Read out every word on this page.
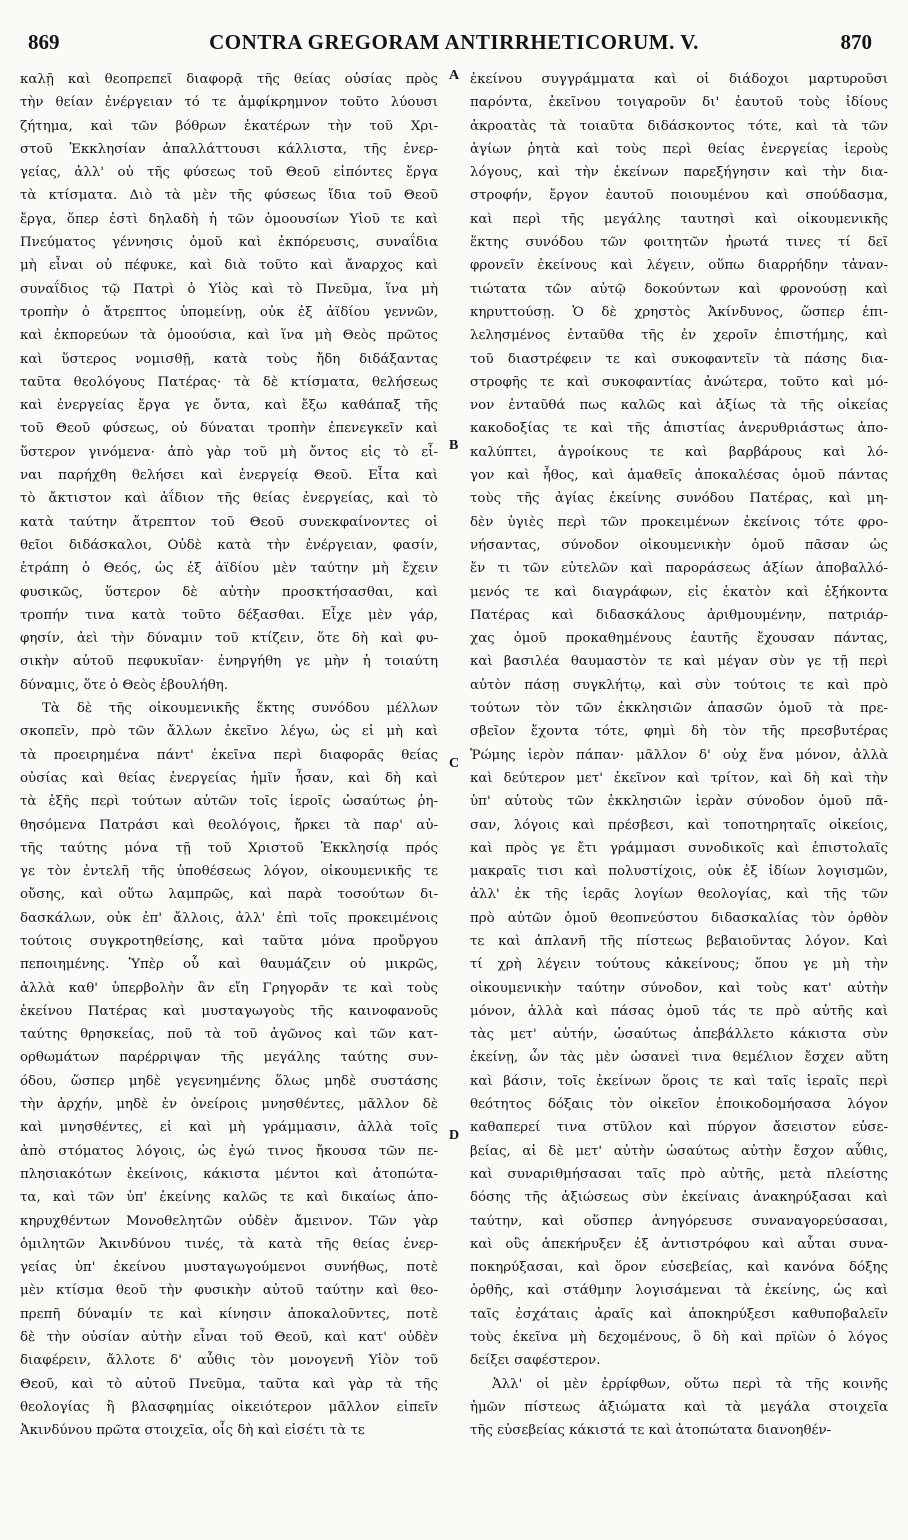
869	CONTRA GREGORAM ANTIRRHETICORUM. V.	870
καλῇ καὶ θεοπρεπεῖ διαφορᾷ τῆς θείας οὐσίας πρὸς
τὴν θείαν ἐνέργειαν τό τε ἀμφίκρημνον τοῦτο λύουσι
ζήτημα, καὶ τῶν βόθρων ἑκατέρων τὴν τοῦ Χρι-
στοῦ Ἐκκλησίαν ἀπαλλάττουσι κάλλιστα, τῆς ἐνερ-
γείας, ἀλλ' οὐ τῆς φύσεως τοῦ Θεοῦ εἰπόντες ἔργα
τὰ κτίσματα. Διὸ τὰ μὲν τῆς φύσεως ἴδια τοῦ Θεοῦ
ἔργα, ὅπερ ἐστὶ δηλαδὴ ἡ τῶν ὁμοουσίων Υἱοῦ τε καὶ
Πνεύματος γέννησις ὁμοῦ καὶ ἐκπόρευσις, συναΐδια
μὴ εἶναι οὐ πέφυκε, καὶ διὰ τοῦτο καὶ ἄναρχος καὶ
συναΐδιος τῷ Πατρὶ ὁ Υἱὸς καὶ τὸ Πνεῦμα, ἵνα μὴ
τροπὴν ὁ ἄτρεπτος ὑπομείνῃ, οὐκ ἐξ ἀϊδίου γεννῶν,
καὶ ἐκπορεύων τὰ ὁμοούσια, καὶ ἵνα μὴ Θεὸς πρῶτος
καὶ ὕστερος νομισθῇ, κατὰ τοὺς ἤδη διδάξαντας
ταῦτα θεολόγους Πατέρας· τὰ δὲ κτίσματα, θελήσεως
καὶ ἐνεργείας ἔργα γε ὄντα, καὶ ἔξω καθάπαξ τῆς
τοῦ Θεοῦ φύσεως, οὐ δύναται τροπὴν ἐπενεγκεῖν καὶ
ὕστερον γινόμενα· ἀπὸ γὰρ τοῦ μὴ ὄντος εἰς τὸ εἶ-
ναι παρήχθη θελήσει καὶ ἐνεργείᾳ Θεοῦ. Εἶτα καὶ
τὸ ἄκτιστον καὶ ἀΐδιον τῆς θείας ἐνεργείας, καὶ τὸ
κατὰ ταύτην ἄτρεπτον τοῦ Θεοῦ συνεκφαίνοντες οἱ
θεῖοι διδάσκαλοι, Οὐδὲ κατὰ τὴν ἐνέργειαν, φασίν,
ἐτράπη ὁ Θεός, ὡς ἐξ ἀϊδίου μὲν ταύτην μὴ ἔχειν
φυσικῶς, ὕστερον δὲ αὐτὴν προσκτήσασθαι, καὶ
τροπήν τινα κατὰ τοῦτο δέξασθαι. Εἶχε μὲν γάρ,
φησίν, ἀεὶ τὴν δύναμιν τοῦ κτίζειν, ὅτε δὴ καὶ φυ-
σικὴν αὐτοῦ πεφυκυῖαν· ἐνηργήθη γε μὴν ἡ τοιαύτη
δύναμις, ὅτε ὁ Θεὸς ἐβουλήθη.
Τὰ δὲ τῆς οἰκουμενικῆς ἕκτης συνόδου μέλλων
σκοπεῖν, πρὸ τῶν ἄλλων ἐκεῖνο λέγω, ὡς εἰ μὴ καὶ
τὰ προειρημένα πάντ' ἐκεῖνα περὶ διαφορᾶς θείας
οὐσίας καὶ θείας ἐνεργείας ἡμῖν ἦσαν, καὶ δὴ καὶ
τὰ ἑξῆς περὶ τούτων αὐτῶν τοῖς ἱεροῖς ὡσαύτως ῥη-
θησόμενα Πατράσι καὶ θεολόγοις, ἤρκει τὰ παρ' αὐ-
τῆς ταύτης μόνα τῇ τοῦ Χριστοῦ Ἐκκλησίᾳ πρός
γε τὸν ἐντελῆ τῆς ὑποθέσεως λόγον, οἰκουμενικῆς τε
οὔσης, καὶ οὕτω λαμπρῶς, καὶ παρὰ τοσούτων δι-
δασκάλων, οὐκ ἐπ' ἄλλοις, ἀλλ' ἐπὶ τοῖς προκειμένοις
τούτοις συγκροτηθείσης, καὶ ταῦτα μόνα προὔργου
πεποιημένης. Ὑπὲρ οὗ καὶ θαυμάζειν οὐ μικρῶς,
ἀλλὰ καθ' ὑπερβολὴν ἂν εἴη Γρηγορᾶν τε καὶ τοὺς
ἐκείνου Πατέρας καὶ μυσταγωγοὺς τῆς καινοφανοῦς
ταύτης θρησκείας, ποῦ τὰ τοῦ ἀγῶνος καὶ τῶν κατ-
ορθωμάτων παρέρριψαν τῆς μεγάλης ταύτης συν-
όδου, ὥσπερ μηδὲ γεγενημένης ὅλως μηδὲ συστάσης
τὴν ἀρχήν, μηδὲ ἐν ὀνείροις μνησθέντες, μᾶλλον δὲ
καὶ μνησθέντες, εἰ καὶ μὴ γράμμασιν, ἀλλὰ τοῖς
ἀπὸ στόματος λόγοις, ὡς ἐγώ τινος ἤκουσα τῶν πε-
πλησιακότων ἐκείνοις, κάκιστα μέντοι καὶ ἀτοπώτα-
τα, καὶ τῶν ὑπ' ἐκείνης καλῶς τε καὶ δικαίως ἀπο-
κηρυχθέντων Μονοθελητῶν οὐδὲν ἄμεινον. Τῶν γὰρ
ὁμιλητῶν Ἀκινδύνου τινές, τὰ κατὰ τῆς θείας ἐνερ-
γείας ὑπ' ἐκείνου μυσταγωγούμενοι συνήθως, ποτὲ
μὲν κτίσμα θεοῦ τὴν φυσικὴν αὐτοῦ ταύτην καὶ θεο-
πρεπῆ δύναμίν τε καὶ κίνησιν ἀποκαλοῦντες, ποτὲ
δὲ τὴν οὐσίαν αὐτὴν εἶναι τοῦ Θεοῦ, καὶ κατ' οὐδὲν
διαφέρειν, ἄλλοτε δ' αὖθις τὸν μονογενῆ Υἱὸν τοῦ
Θεοῦ, καὶ τὸ αὐτοῦ Πνεῦμα, ταῦτα καὶ γὰρ τὰ τῆς
θεολογίας ἢ βλασφημίας οἰκειότερον μᾶλλον εἰπεῖν
Ἀκινδύνου πρῶτα στοιχεῖα, οἷς δὴ καὶ εἰσέτι τὰ τε
ἐκείνου συγγράμματα καὶ οἱ διάδοχοι μαρτυροῦσι
παρόντα, ἐκεῖνου τοιγαροῦν δι' ἑαυτοῦ τοὺς ἰδίους
ἀκροατὰς τὰ τοιαῦτα διδάσκοντος τότε, καὶ τὰ τῶν
ἁγίων ῥητὰ καὶ τοὺς περὶ θείας ἐνεργείας ἱεροὺς
λόγους, καὶ τὴν ἐκείνων παρεξήγησιν καὶ τὴν δια-
στροφήν, ἔργον ἑαυτοῦ ποιουμένου καὶ σπούδασμα,
καὶ περὶ τῆς μεγάλης ταυτησὶ καὶ οἰκουμενικῆς
ἕκτης συνόδου τῶν φοιτητῶν ἠρωτά τινες τί δεῖ
φρονεῖν ἐκείνους καὶ λέγειν, οὕπω διαρρήδην τἀναν-
τιώτατα τῶν αὐτῷ δοκούντων καὶ φρονούσῃ καὶ
κηρυττούσῃ. Ὁ δὲ χρηστὸς Ἀκίνδυνος, ὥσπερ ἐπι-
λελησμένος ἐνταῦθα τῆς ἐν χεροῖν ἐπιστήμης, καὶ
τοῦ διαστρέφειν τε καὶ συκοφαντεῖν τὰ πάσης δια-
στροφῆς τε καὶ συκοφαντίας ἀνώτερα, τοῦτο καὶ μό-
νον ἐνταῦθά πως καλῶς καὶ ἀξίως τὰ τῆς οἰκείας
κακοδοξίας τε καὶ τῆς ἀπιστίας ἀνερυθριάστως ἀπο-
καλύπτει, ἀγροίκους τε καὶ βαρβάρους καὶ λό-
γον καὶ ἦθος, καὶ ἀμαθεῖς ἀποκαλέσας ὁμοῦ πάντας
τοὺς τῆς ἁγίας ἐκείνης συνόδου Πατέρας, καὶ μη-
δὲν ὑγιὲς περὶ τῶν προκειμένων ἐκείνοις τότε φρο-
νήσαντας, σύνοδον οἰκουμενικὴν ὁμοῦ πᾶσαν ὡς
ἔν τι τῶν εὐτελῶν καὶ παροράσεως ἀξίων ἀποβαλλό-
μενός τε καὶ διαγράφων, εἰς ἑκατὸν καὶ ἑξήκοντα
Πατέρας καὶ διδασκάλους ἀριθμουμένην, πατριάρ-
χας ὁμοῦ προκαθημένους ἑαυτῆς ἔχουσαν πάντας,
καὶ βασιλέα θαυμαστὸν τε καὶ μέγαν σὺν γε τῇ περὶ
αὐτὸν πάσῃ συγκλήτῳ, καὶ σὺν τούτοις τε καὶ πρὸ
τούτων τὸν τῶν ἐκκλησιῶν ἁπασῶν ὁμοῦ τὰ πρε-
σβεῖον ἔχοντα τότε, φημὶ δὴ τὸν τῆς πρεσβυτέρας
Ῥώμης ἱερὸν πάπαν· μᾶλλον δ' οὐχ ἕνα μόνον, ἀλλὰ
καὶ δεύτερον μετ' ἐκεῖνον καὶ τρίτον, καὶ δὴ καὶ τὴν
ὑπ' αὐτοὺς τῶν ἐκκλησιῶν ἱερὰν σύνοδον ὁμοῦ πᾶ-
σαν, λόγοις καὶ πρέσβεσι, καὶ τοποτηρηταῖς οἰκείοις,
καὶ πρὸς γε ἔτι γράμμασι συνοδικοῖς καὶ ἐπιστολαῖς
μακραῖς τισι καὶ πολυστίχοις, οὐκ ἐξ ἰδίων λογισμῶν,
ἀλλ' ἐκ τῆς ἱερᾶς λογίων θεολογίας, καὶ τῆς τῶν
πρὸ αὐτῶν ὁμοῦ θεοπνεύστου διδασκαλίας τὸν ὀρθὸν
τε καὶ ἀπλανῆ τῆς πίστεως βεβαιοῦντας λόγον. Καὶ
τί χρὴ λέγειν τούτους κἀκείνους; ὅπου γε μὴ τὴν
οἰκουμενικὴν ταύτην σύνοδον, καὶ τοὺς κατ' αὐτὴν
μόνον, ἀλλὰ καὶ πάσας ὁμοῦ τάς τε πρὸ αὐτῆς καὶ
τὰς μετ' αὐτήν, ὡσαύτως ἀπεβάλλετο κάκιστα σὺν
ἐκείνῃ, ὧν τὰς μὲν ὡσανεὶ τινα θεμέλιον ἔσχεν αὕτη
καὶ βάσιν, τοῖς ἐκείνων ὅροις τε καὶ ταῖς ἱεραῖς περὶ
θεότητος δόξαις τὸν οἰκεῖον ἐποικοδομήσασα λόγον
καθαπερεί τινα στῦλον καὶ πύργον ἄσειστον εὐσε-
βείας, αἱ δὲ μετ' αὐτὴν ὡσαύτως αὐτὴν ἔσχον αὖθις,
καὶ συναριθμήσασαι ταῖς πρὸ αὐτῆς, μετὰ πλείστης
δόσης τῆς ἀξιώσεως σὺν ἐκείναις ἀνακηρύξασαι καὶ
ταύτην, καὶ οὕσπερ ἀνηγόρευσε συναναγορεύσασαι,
καὶ οὓς ἀπεκήρυξεν ἐξ ἀντιστρόφου καὶ αὗται συνα-
ποκηρύξασαι, καὶ ὅρον εὐσεβείας, καὶ κανόνα δόξης
ὀρθῆς, καὶ στάθμην λογισάμεναι τὰ ἐκείνης, ὡς καὶ
ταῖς ἐσχάταις ἀραῖς καὶ ἀποκηρύξεσι καθυποβαλεῖν
τοὺς ἐκεῖνα μὴ δεχομένους, ὃ δὴ καὶ πρϊὼν ὁ λόγος
δείξει σαφέστερον.
Ἀλλ' οἱ μὲν ἐρρίφθων, οὕτω περὶ τὰ τῆς κοινῆς
ἡμῶν πίστεως ἀξιώματα καὶ τὰ μεγάλα στοιχεῖα
τῆς εὐσεβείας κάκιστά τε καὶ ἀτοπώτατα διανοηθέν-
A
B
C
D
